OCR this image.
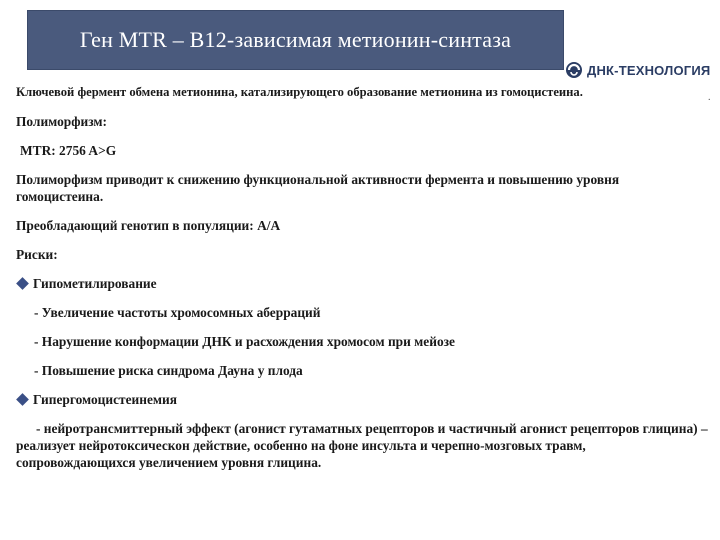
Ген MTR – B12-зависимая метионин-синтаза
ДНК-ТЕХНОЛОГИЯ
.
Ключевой фермент обмена метионина, катализирующего образование метионина из гомоцистеина.
Полиморфизм:
MTR: 2756 A>G
Полиморфизм приводит к снижению функциональной активности фермента и повышению уровня гомоцистеина.
Преобладающий генотип в популяции: A/A
Риски:
Гипометилирование
- Увеличение частоты хромосомных аберраций
- Нарушение конформации ДНК и расхождения хромосом при мейозе
- Повышение риска синдрома Дауна у плода
Гипергомоцистеинемия
- нейротрансмиттерный эффект (агонист гутаматных рецепторов и частичный агонист рецепторов глицина) – реализует нейротоксическон действие, особенно на фоне инсульта и черепно-мозговых травм, сопровождающихся увеличением уровня глицина.
